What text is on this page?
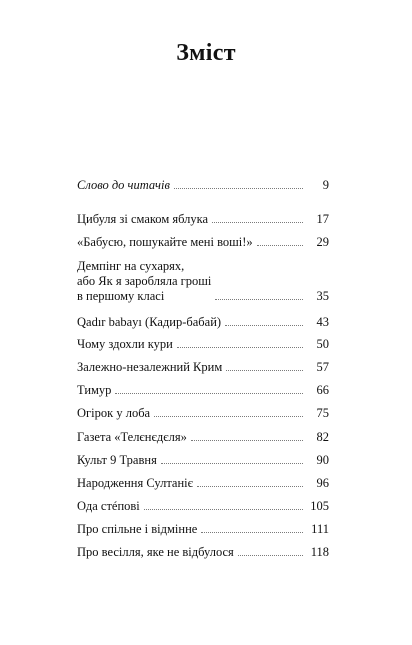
Зміст
Слово до читачів	9
Цибуля зі смаком яблука	17
«Бабусю, пошукайте мені воші!»	29
Демпінг на сухарях,
або Як я заробляла гроші
в першому класі	35
Qadır babayı (Кадир-бабай)	43
Чому здохли кури	50
Залежно-незалежний Крим	57
Тимур	66
Огірок у лоба	75
Газета «Телєнєдєля»	82
Культ 9 Травня	90
Народження Султаніє	96
Ода стéпові	105
Про спільне і відмінне	111
Про весілля, яке не відбулося	118
